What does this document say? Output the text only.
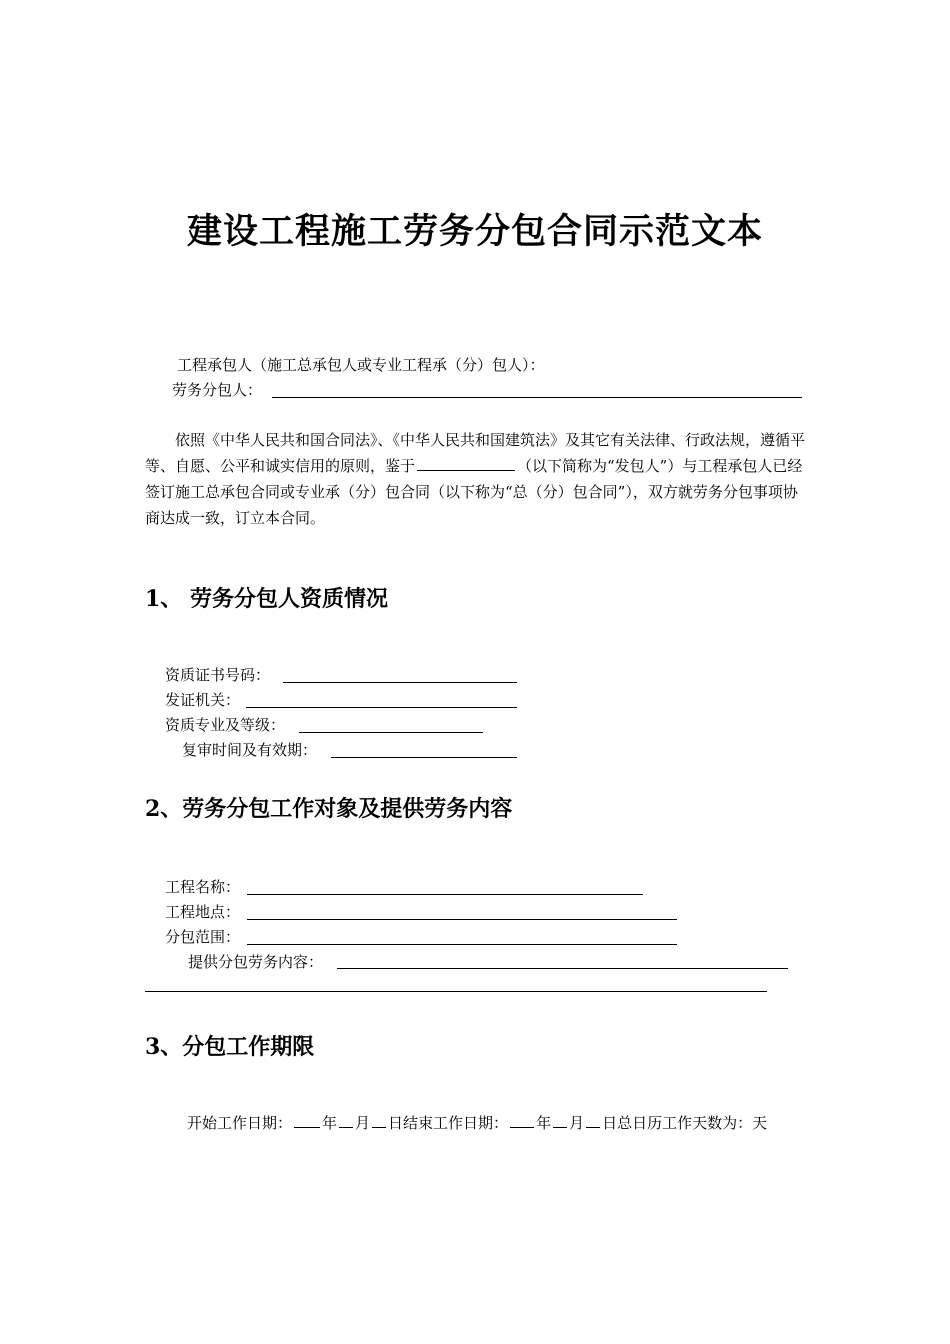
建设工程施工劳务分包合同示范文本
工程承包人（施工总承包人或专业工程承（分）包人）：
劳务分包人：
依照《中华人民共和国合同法》、《中华人民共和国建筑法》及其它有关法律、行政法规，遵循平等、自愿、公平和诚实信用的原则，鉴于	（以下简称为“发包人”）与工程承包人已经签订施工总承包合同或专业承（分）包合同（以下称为“总（分）包合同”），双方就劳务分包事项协商达成一致，订立本合同。
1、 劳务分包人资质情况
资质证书号码：
发证机关：
资质专业及等级：
复审时间及有效期：
2、劳务分包工作对象及提供劳务内容
工程名称：
工程地点：
分包范围：
提供分包劳务内容：
3、分包工作期限
开始工作日期： 年 月 日结束工作日期： 年 月 日总日历工作天数为：天
